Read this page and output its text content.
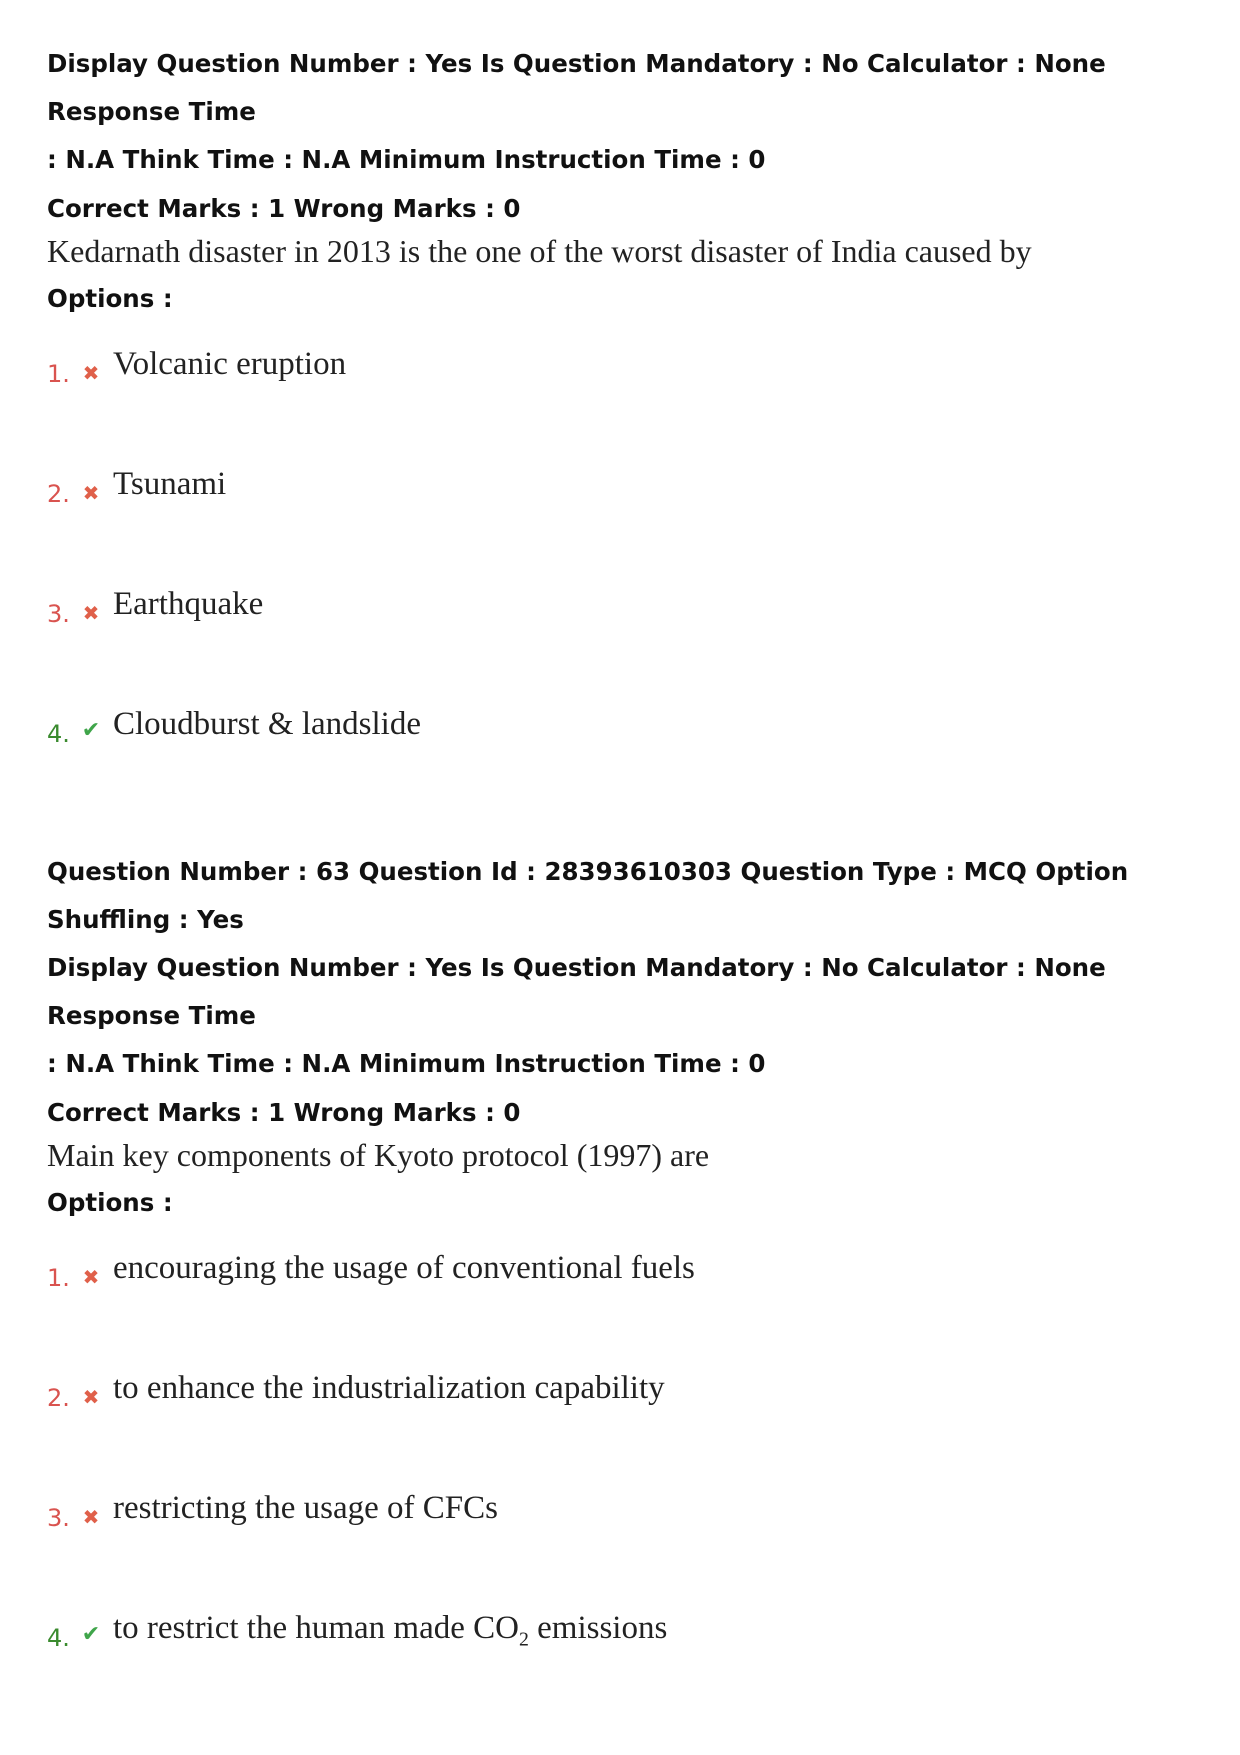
Display Question Number : Yes Is Question Mandatory : No Calculator : None Response Time

: N.A Think Time : N.A Minimum Instruction Time : 0

Correct Marks : 1 Wrong Marks : 0
Kedarnath disaster in 2013 is the one of the worst disaster of India caused by
Options :
1. ✖ Volcanic eruption
2. ✖ Tsunami
3. ✖ Earthquake
4. ✔ Cloudburst & landslide

Question Number : 63 Question Id : 28393610303 Question Type : MCQ Option Shuffling : Yes

Display Question Number : Yes Is Question Mandatory : No Calculator : None Response Time

: N.A Think Time : N.A Minimum Instruction Time : 0

Correct Marks : 1 Wrong Marks : 0
Main key components of Kyoto protocol (1997) are
Options :
1. ✖ encouraging the usage of conventional fuels
2. ✖ to enhance the industrialization capability
3. ✖ restricting the usage of CFCs
4. ✔ to restrict the human made $CO_2$ emissions
